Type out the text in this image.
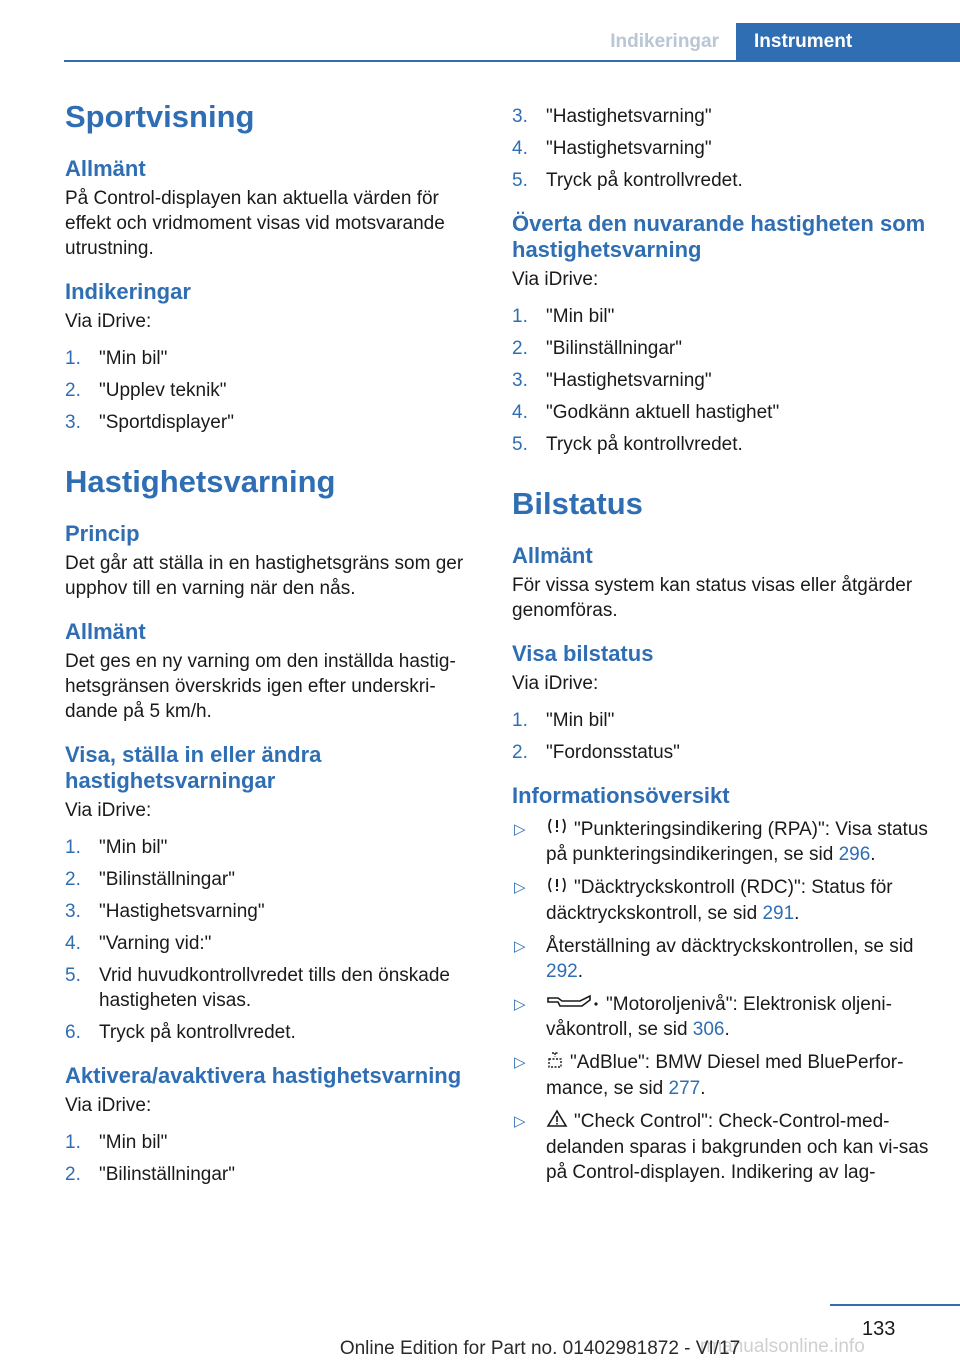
Indikeringar	Instrument
Sportvisning
Allmänt

På Control-displayen kan aktuella värden för effekt och vridmoment visas vid motsvarande utrustning.

Indikeringar

Via iDrive:

1. "Min bil"
2. "Upplev teknik"
3. "Sportdisplayer"
Hastighetsvarning
Princip

Det går att ställa in en hastighetsgräns som ger upphov till en varning när den nås.

Allmänt

Det ges en ny varning om den inställda hastig-hetsgränsen överskrids igen efter underskri-dande på 5 km/h.

Visa, ställa in eller ändra hastighetsvarningar

Via iDrive:

1. "Min bil"
2. "Bilinställningar"
3. "Hastighetsvarning"
4. "Varning vid:"
5. Vrid huvudkontrollvredet tills den önskade hastigheten visas.
6. Tryck på kontrollvredet.
Aktivera/avaktivera hastighetsvarning

Via iDrive:

1. "Min bil"
2. "Bilinställningar"
3. "Hastighetsvarning"
4. "Hastighetsvarning"
5. Tryck på kontrollvredet.
Överta den nuvarande hastigheten som hastighetsvarning

Via iDrive:

1. "Min bil"
2. "Bilinställningar"
3. "Hastighetsvarning"
4. "Godkänn aktuell hastighet"
5. Tryck på kontrollvredet.
Bilstatus
Allmänt

För vissa system kan status visas eller åtgärder genomföras.

Visa bilstatus

Via iDrive:

1. "Min bil"
2. "Fordonsstatus"
Informationsöversikt
▷	"Punkteringsindikering (RPA)": Visa status på punkteringsindikeringen, se sid 296.
▷	"Däcktryckskontroll (RDC)": Status för däcktryckskontroll, se sid 291.
▷ Återställning av däcktryckskontrollen, se sid 292.
▷	"Motoroljenivå": Elektronisk oljeni-våkontroll, se sid 306.
▷ "AdBlue": BMW Diesel med BluePerfor-mance, se sid 277.
▷	"Check Control": Check-Control-med-delanden sparas i bakgrunden och kan vi-sas på Control-displayen. Indikering av lag-
133
rmanualsonline.info
Online Edition for Part no. 01402981872 - VI/17
